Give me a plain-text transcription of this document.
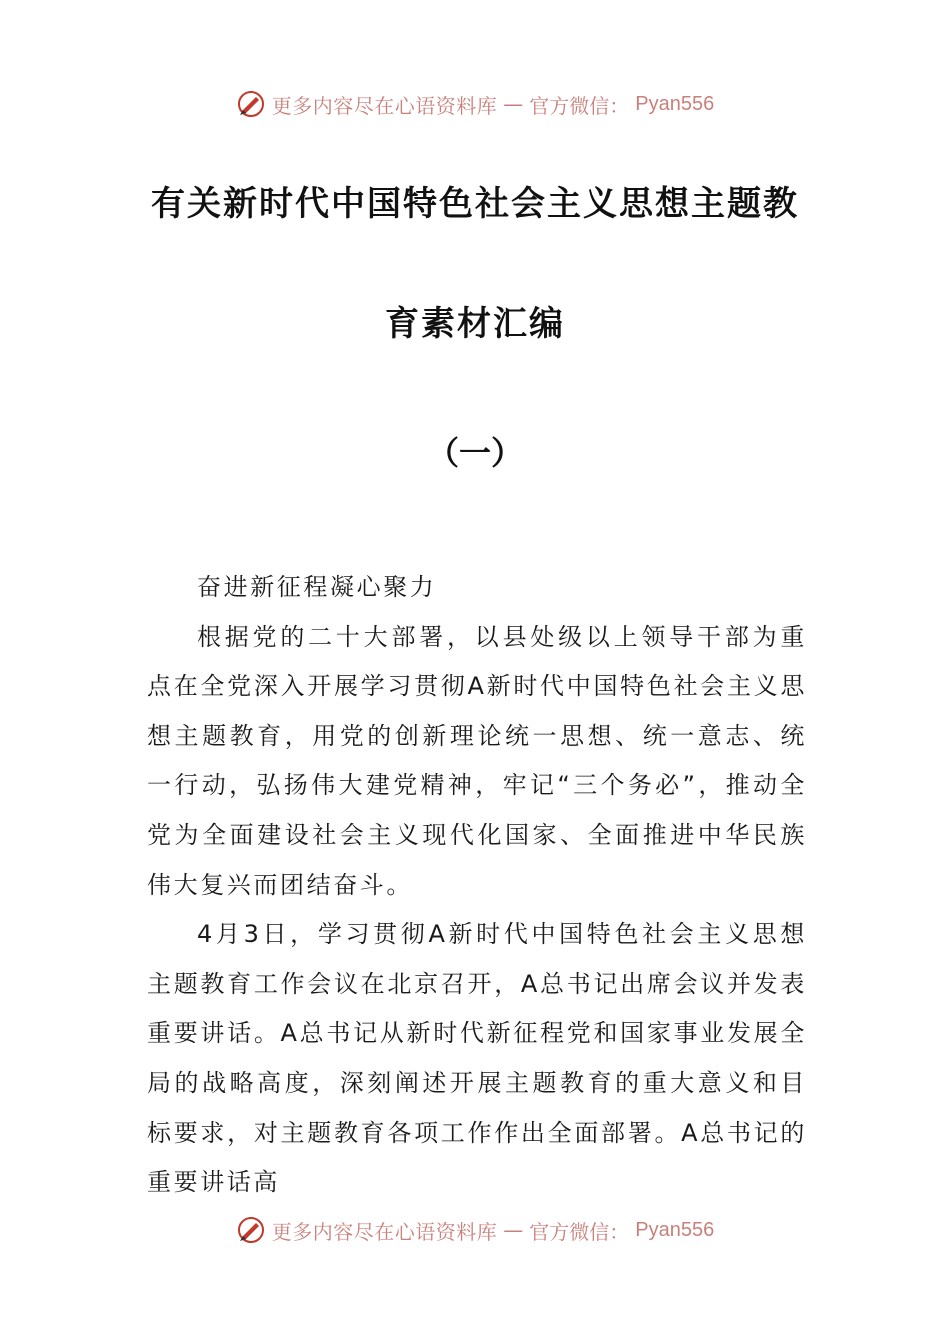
更多内容尽在心语资料库 — 官方微信： Pyan556
有关新时代中国特色社会主义思想主题教
育素材汇编
（一）

奋进新征程凝心聚力

根据党的二十大部署，以县处级以上领导干部为重点在全党深入开展学习贯彻A新时代中国特色社会主义思想主题教育，用党的创新理论统一思想、统一意志、统一行动，弘扬伟大建党精神，牢记“三个务必”，推动全党为全面建设社会主义现代化国家、全面推进中华民族伟大复兴而团结奋斗。

4月3日，学习贯彻A新时代中国特色社会主义思想主题教育工作会议在北京召开，A总书记出席会议并发表重要讲话。A总书记从新时代新征程党和国家事业发展全局的战略高度，深刻阐述开展主题教育的重大意义和目标要求，对主题教育各项工作作出全面部署。A总书记的重要讲话高

更多内容尽在心语资料库 — 官方微信： Pyan556
